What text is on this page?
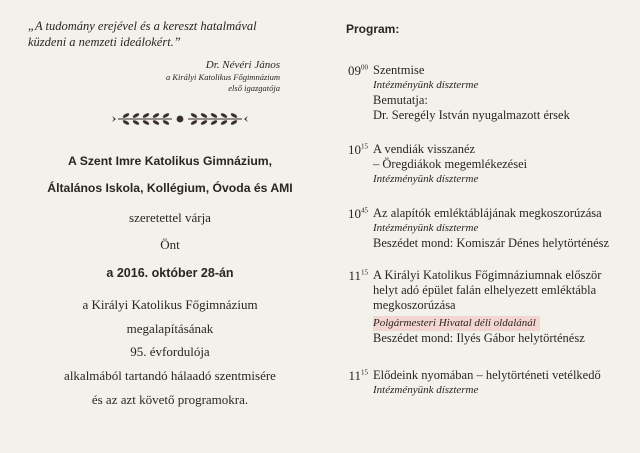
„A tudomány erejével és a kereszt hatalmával
küzdeni a nemzeti ideálokért.”
Dr. Névéri János
a Királyi Katolikus Főgimnázium
első igazgatója
A Szent Imre Katolikus Gimnázium,
Általános Iskola, Kollégium, Óvoda és AMI
szeretettel várja
Önt
a 2016. október 28-án
a Királyi Katolikus Főgimnázium
megalapításának
95. évfordulója
alkalmából tartandó hálaadó szentmisére
és az azt követő programokra.
Program:
$09^{00}$ Szentmise
Intézményünk díszterme
Bemutatja:
Dr. Seregély István nyugalmazott érsek
$10^{15}$ A vendiák visszanéz
– Öregdiákok megemlékezései
Intézményünk díszterme
$10^{45}$ Az alapítók emléktáblájának megkoszorúzása
Intézményünk díszterme
Beszédet mond: Komiszár Dénes helytörténész
$11^{15}$ A Királyi Katolikus Főgimnáziumnak először
helyt adó épület falán elhelyezett emléktábla
megkoszorúzása
Polgármesteri Hivatal déli oldalánál
Beszédet mond: Ilyés Gábor helytörténész
$11^{15}$ Elődeink nyomában – helytörténeti vetélkedő
Intézményünk díszterme
